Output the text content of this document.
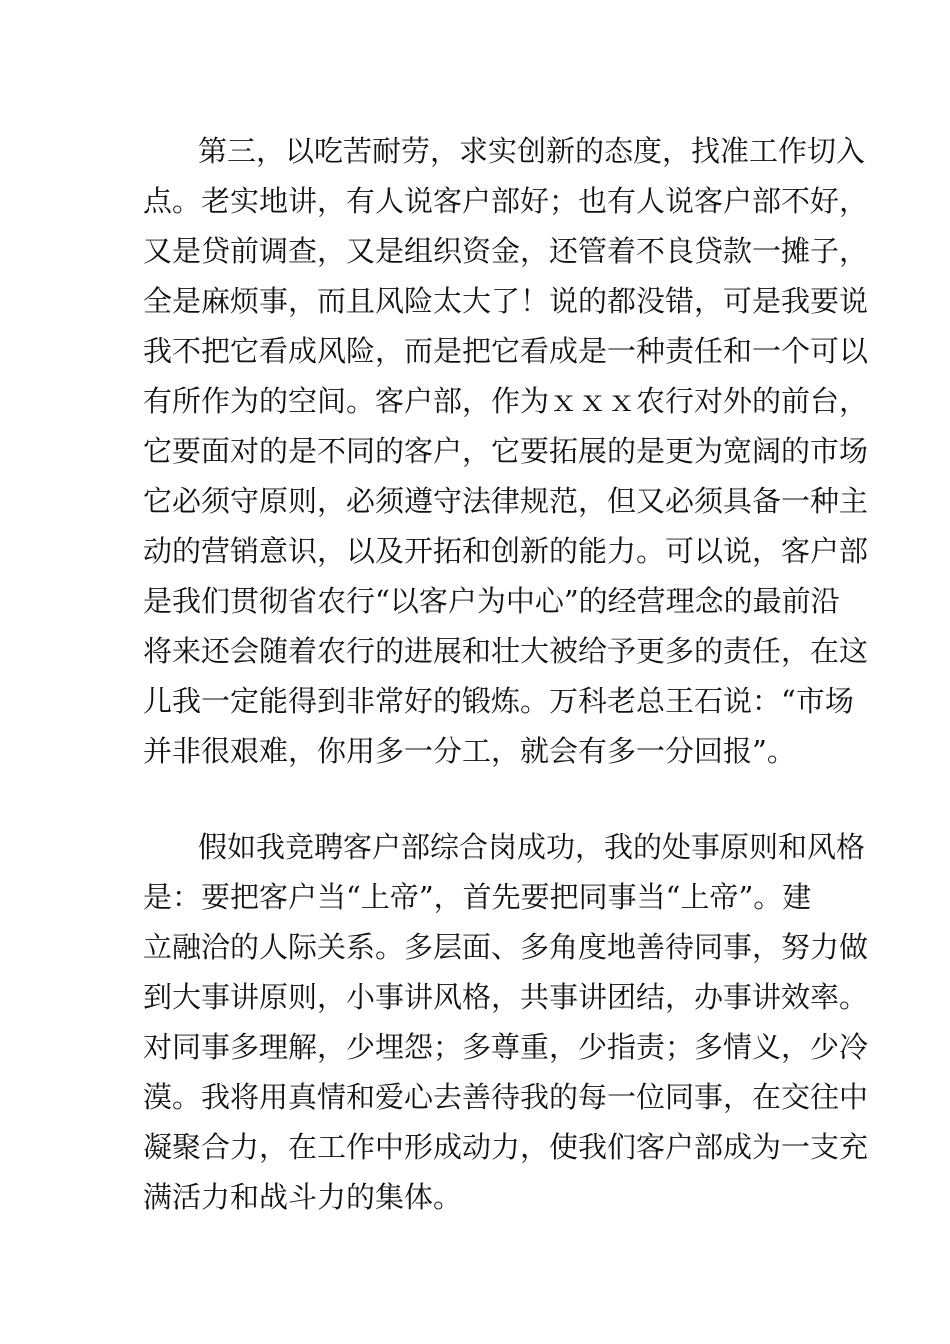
第三，以吃苦耐劳，求实创新的态度，找准工作切入

点。老实地讲，有人说客户部好；也有人说客户部不好，

又是贷前调查，又是组织资金，还管着不良贷款一摊子，

全是麻烦事，而且风险太大了！说的都没错，可是我要说

我不把它看成风险，而是把它看成是一种责任和一个可以

有所作为的空间。客户部，作为ｘｘｘ农行对外的前台，

它要面对的是不同的客户，它要拓展的是更为宽阔的市场

它必须守原则，必须遵守法律规范，但又必须具备一种主

动的营销意识，以及开拓和创新的能力。可以说，客户部

是我们贯彻省农行“以客户为中心”的经营理念的最前沿

将来还会随着农行的进展和壮大被给予更多的责任，在这

儿我一定能得到非常好的锻炼。万科老总王石说：“市场

并非很艰难，你用多一分工，就会有多一分回报”。

假如我竞聘客户部综合岗成功，我的处事原则和风格

是：要把客户当“上帝”，首先要把同事当“上帝”。建

立融洽的人际关系。多层面、多角度地善待同事，努力做

到大事讲原则，小事讲风格，共事讲团结，办事讲效率。

对同事多理解，少埋怨；多尊重，少指责；多情义，少冷

漠。我将用真情和爱心去善待我的每一位同事，在交往中

凝聚合力，在工作中形成动力，使我们客户部成为一支充

满活力和战斗力的集体。
